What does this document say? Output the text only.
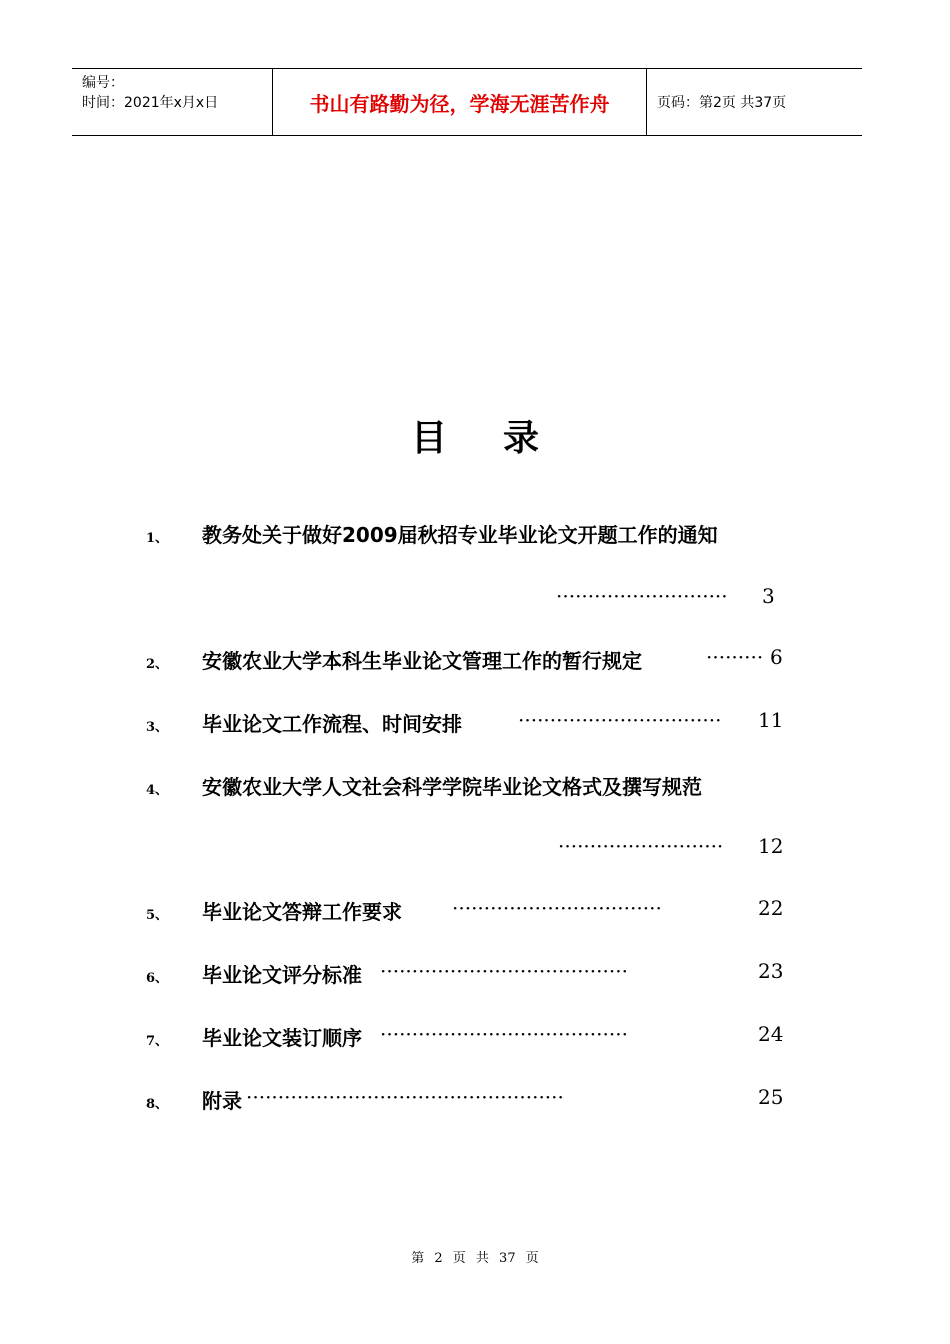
编号：
时间：2021年x月x日	书山有路勤为径，学海无涯苦作舟	页码：第2页 共37页
目录
1、 教务处关于做好2009届秋招专业毕业论文开题工作的通知
···························	3
2、 安徽农业大学本科生毕业论文管理工作的暂行规定	········· 6
3、 毕业论文工作流程、时间安排	································	11
4、 安徽农业大学人文社会科学学院毕业论文格式及撰写规范
··························	12
5、 毕业论文答辩工作要求	·································	22
6、 毕业论文评分标准 ·······································	23
7、 毕业论文装订顺序 ·······································	24
8、 附录 ··················································	25
第 2 页 共 37 页
